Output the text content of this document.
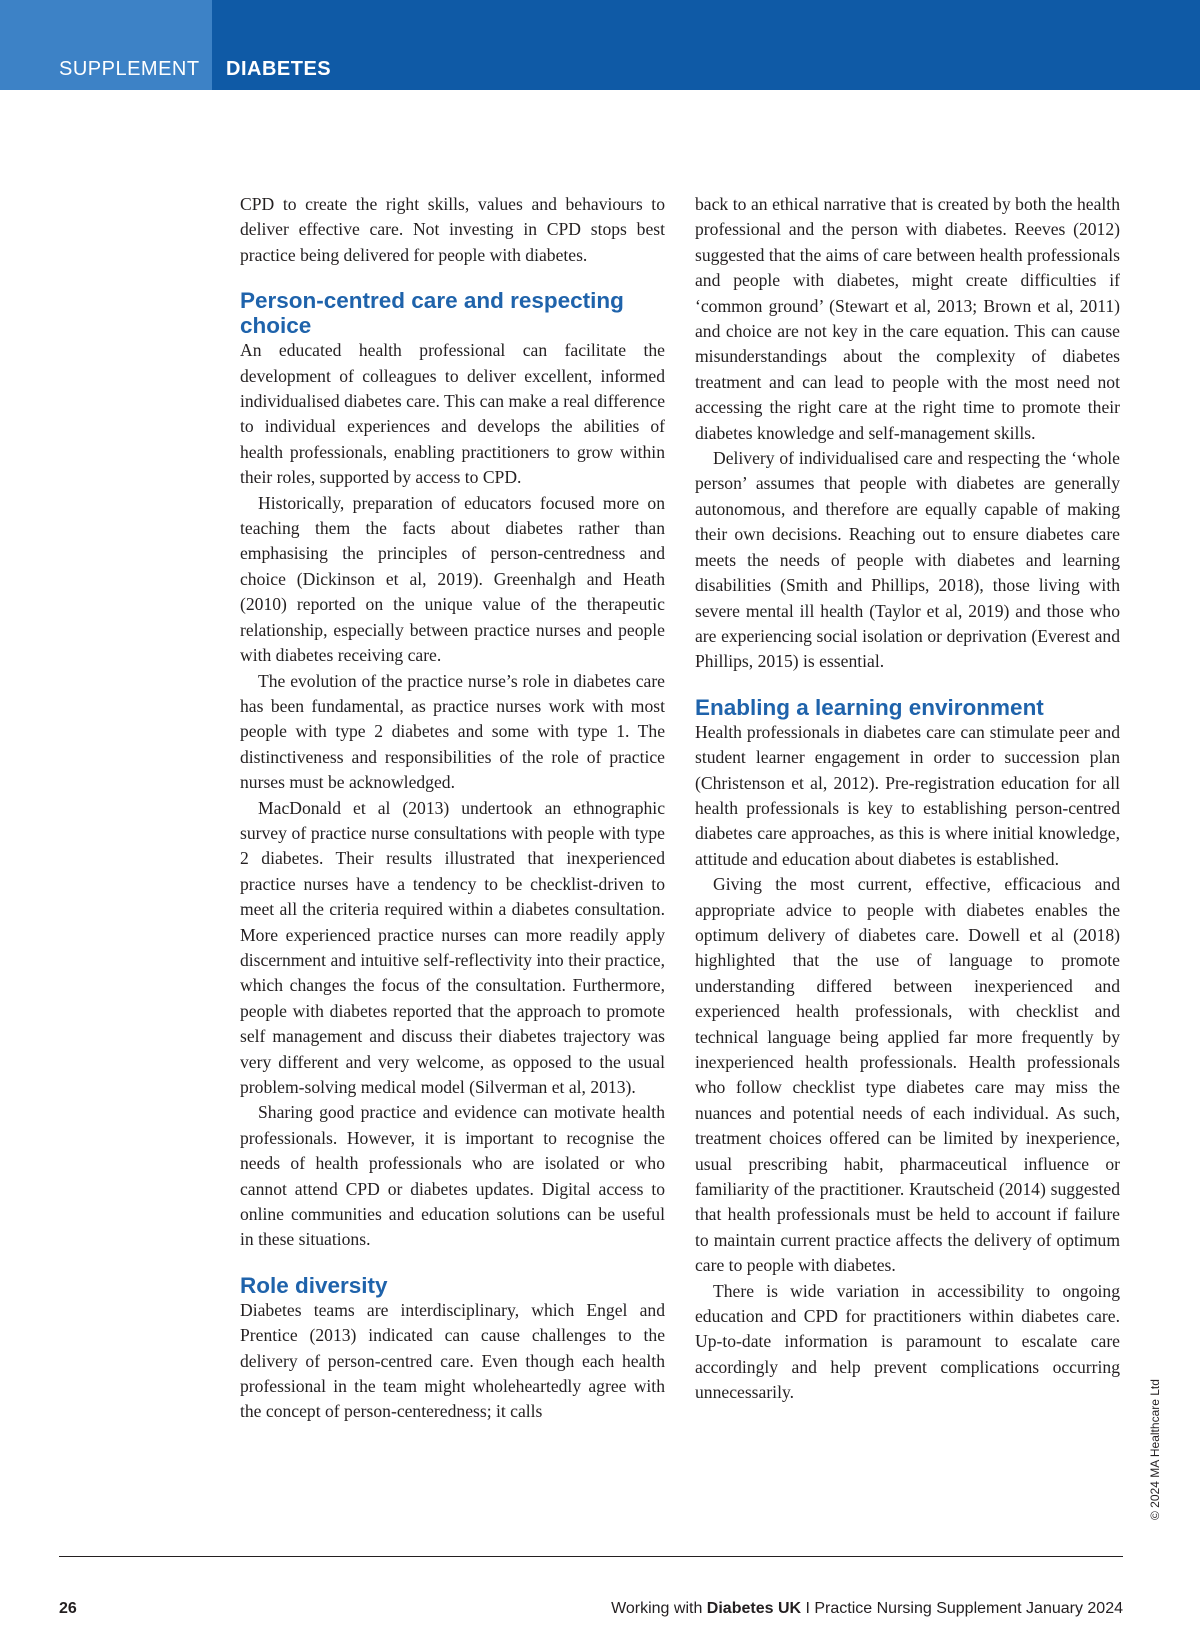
SUPPLEMENT DIABETES

CPD to create the right skills, values and behaviours to deliver effective care. Not investing in CPD stops best practice being delivered for people with diabetes.

Person-centred care and respecting choice

An educated health professional can facilitate the development of colleagues to deliver excellent, informed individualised diabetes care. This can make a real difference to individual experiences and develops the abilities of health professionals, enabling practitioners to grow within their roles, supported by access to CPD.

Historically, preparation of educators focused more on teaching them the facts about diabetes rather than emphasising the principles of person-centredness and choice (Dickinson et al, 2019). Greenhalgh and Heath (2010) reported on the unique value of the therapeutic relationship, especially between practice nurses and people with diabetes receiving care.

The evolution of the practice nurse’s role in diabetes care has been fundamental, as practice nurses work with most people with type 2 diabetes and some with type 1. The distinctiveness and responsibilities of the role of practice nurses must be acknowledged.

MacDonald et al (2013) undertook an ethnographic survey of practice nurse consultations with people with type 2 diabetes. Their results illustrated that inexperienced practice nurses have a tendency to be checklist-driven to meet all the criteria required within a diabetes consultation. More experienced practice nurses can more readily apply discernment and intuitive self-reflectivity into their practice, which changes the focus of the consultation. Furthermore, people with diabetes reported that the approach to promote self management and discuss their diabetes trajectory was very different and very welcome, as opposed to the usual problem-solving medical model (Silverman et al, 2013).

Sharing good practice and evidence can motivate health professionals. However, it is important to recognise the needs of health professionals who are isolated or who cannot attend CPD or diabetes updates. Digital access to online communities and education solutions can be useful in these situations.

Role diversity

Diabetes teams are interdisciplinary, which Engel and Prentice (2013) indicated can cause challenges to the delivery of person-centred care. Even though each health professional in the team might wholeheartedly agree with the concept of person-centeredness; it calls

back to an ethical narrative that is created by both the health professional and the person with diabetes. Reeves (2012) suggested that the aims of care between health professionals and people with diabetes, might create difficulties if ‘common ground’ (Stewart et al, 2013; Brown et al, 2011) and choice are not key in the care equation. This can cause misunderstandings about the complexity of diabetes treatment and can lead to people with the most need not accessing the right care at the right time to promote their diabetes knowledge and self-management skills.

Delivery of individualised care and respecting the ‘whole person’ assumes that people with diabetes are generally autonomous, and therefore are equally capable of making their own decisions. Reaching out to ensure diabetes care meets the needs of people with diabetes and learning disabilities (Smith and Phillips, 2018), those living with severe mental ill health (Taylor et al, 2019) and those who are experiencing social isolation or deprivation (Everest and Phillips, 2015) is essential.

Enabling a learning environment

Health professionals in diabetes care can stimulate peer and student learner engagement in order to succession plan (Christenson et al, 2012). Pre-registration education for all health professionals is key to establishing person-centred diabetes care approaches, as this is where initial knowledge, attitude and education about diabetes is established.

Giving the most current, effective, efficacious and appropriate advice to people with diabetes enables the optimum delivery of diabetes care. Dowell et al (2018) highlighted that the use of language to promote understanding differed between inexperienced and experienced health professionals, with checklist and technical language being applied far more frequently by inexperienced health professionals. Health professionals who follow checklist type diabetes care may miss the nuances and potential needs of each individual. As such, treatment choices offered can be limited by inexperience, usual prescribing habit, pharmaceutical influence or familiarity of the practitioner. Krautscheid (2014) suggested that health professionals must be held to account if failure to maintain current practice affects the delivery of optimum care to people with diabetes.

There is wide variation in accessibility to ongoing education and CPD for practitioners within diabetes care. Up-to-date information is paramount to escalate care accordingly and help prevent complications occurring unnecessarily.	© 2024 MA Healthcare Ltd
26	Working with Diabetes UK I Practice Nursing Supplement January 2024
